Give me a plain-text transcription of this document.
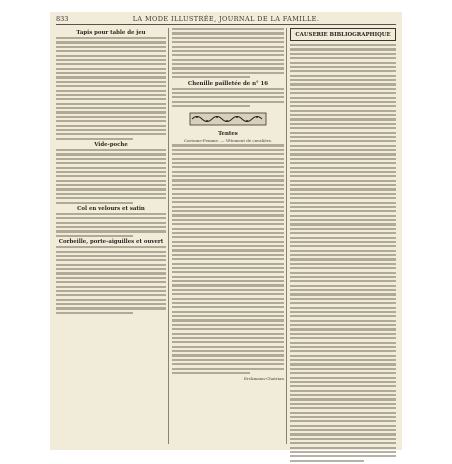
833	LA MODE ILLUSTRÉE, JOURNAL DE LA FAMILLE.
Tapis pour table de jeu
Vide-poche
Col en velours et satin
Corbeille, porte-aiguilles et ouvert
Chenille pailletée de n° 16
Tentes
Costume-Femme. — Vêtement de cavalière.
Erckmann-Chatrian
CAUSERIE BIBLIOGRAPHIQUE
